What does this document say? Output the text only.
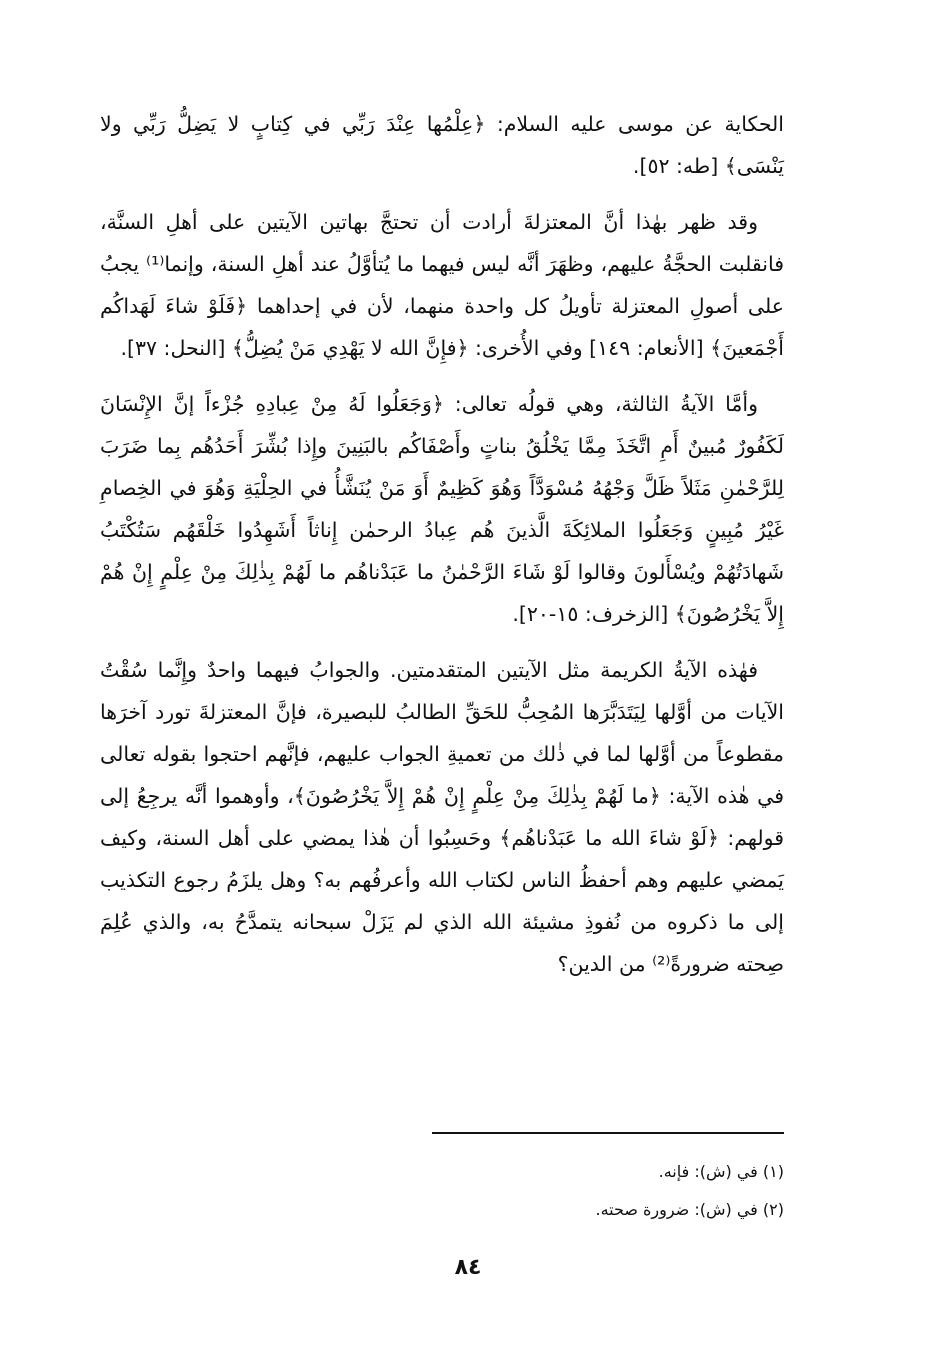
الحكاية عن موسى عليه السلام: ﴿عِلْمُها عِنْدَ رَبِّي في كِتابٍ لا يَضِلُّ رَبِّي ولا يَنْسَى﴾ [طه: ٥٢].

وقد ظهر بهٰذا أنَّ المعتزلةَ أرادت أن تحتجَّ بهاتين الآيتين على أهلِ السنَّة، فانقلبت الحجَّةُ عليهم، وظهَرَ أنَّه ليس فيهما ما يُتأوَّلُ عند أهلِ السنة، وإنما⁽¹⁾ يجبُ على أصولِ المعتزلة تأويلُ كل واحدة منهما، لأن في إحداهما ﴿فَلَوْ شاءَ لَهَداكُم أَجْمَعينَ﴾ [الأنعام: ١٤٩] وفي الأُخرى: ﴿فإِنَّ الله لا يَهْدِي مَنْ يُضِلُّ﴾ [النحل: ٣٧].

وأمَّا الآيةُ الثالثة، وهي قولُه تعالى: ﴿وَجَعَلُوا لَهُ مِنْ عِبادِهِ جُزْءاً إنَّ الإِنْسَانَ لَكَفُورٌ مُبينٌ أَمِ اتَّخَذَ مِمَّا يَخْلُقُ بناتٍ وأَصْفَاكُم بالبَنِينَ وإِذا بُشِّرَ أَحَدُهُم بِما ضَرَبَ لِلرَّحْمٰنِ مَثَلاً ظَلَّ وَجْهُهُ مُسْوَدَّاً وَهُوَ كَظِيمٌ أَوَ مَنْ يُنَشَّأُ في الحِلْيَةِ وَهُوَ في الخِصامِ غَيْرُ مُبِينٍ وَجَعَلُوا الملائِكَةَ الَّذينَ هُم عِبادُ الرحمٰن إِناثاً أَشَهِدُوا خَلْقَهُم سَتُكْتَبُ شَهادَتُهُمْ ويُسْأَلونَ وقالوا لَوْ شَاءَ الرَّحْمٰنُ ما عَبَدْناهُم ما لَهُمْ بِذٰلِكَ مِنْ عِلْمٍ إِنْ هُمْ إِلاَّ يَخْرُصُونَ﴾ [الزخرف: ١٥-٢٠].

فهٰذه الآيةُ الكريمة مثل الآيتين المتقدمتين. والجوابُ فيهما واحدٌ وإِنَّما سُقْتُ الآيات من أوَّلها لِيَتَدَبَّرَها المُحِبُّ للحَقِّ الطالبُ للبصيرة، فإنَّ المعتزلةَ تورد آخرَها مقطوعاً من أوَّلها لما في ذٰلك من تعميةِ الجواب عليهم، فإنَّهم احتجوا بقوله تعالى في هٰذه الآية: ﴿ما لَهُمْ بِذٰلِكَ مِنْ عِلْمٍ إِنْ هُمْ إِلاَّ يَخْرُصُونَ﴾، وأوهموا أنَّه يرجِعُ إلى قولهم: ﴿لَوْ شاءَ الله ما عَبَدْناهُم﴾ وحَسِبُوا أن هٰذا يمضي على أهل السنة، وكيف يَمضي عليهم وهم أحفظُ الناس لكتاب الله وأعرفُهم به؟ وهل يلزَمُ رجوع التكذيب إلى ما ذكروه من نُفوذِ مشيئة الله الذي لم يَزَلْ سبحانه يتمدَّحُ به، والذي عُلِمَ صِحته ضرورةً⁽²⁾ من الدين؟

(١) في (ش): فإنه.

(٢) في (ش): ضرورة صحته.

٨٤
